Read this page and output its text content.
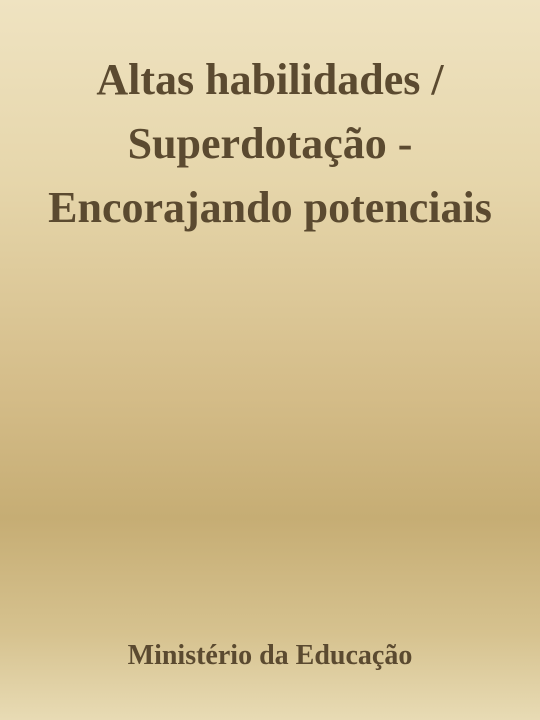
Altas habilidades / Superdotação - Encorajando potenciais

Ministério da Educação
